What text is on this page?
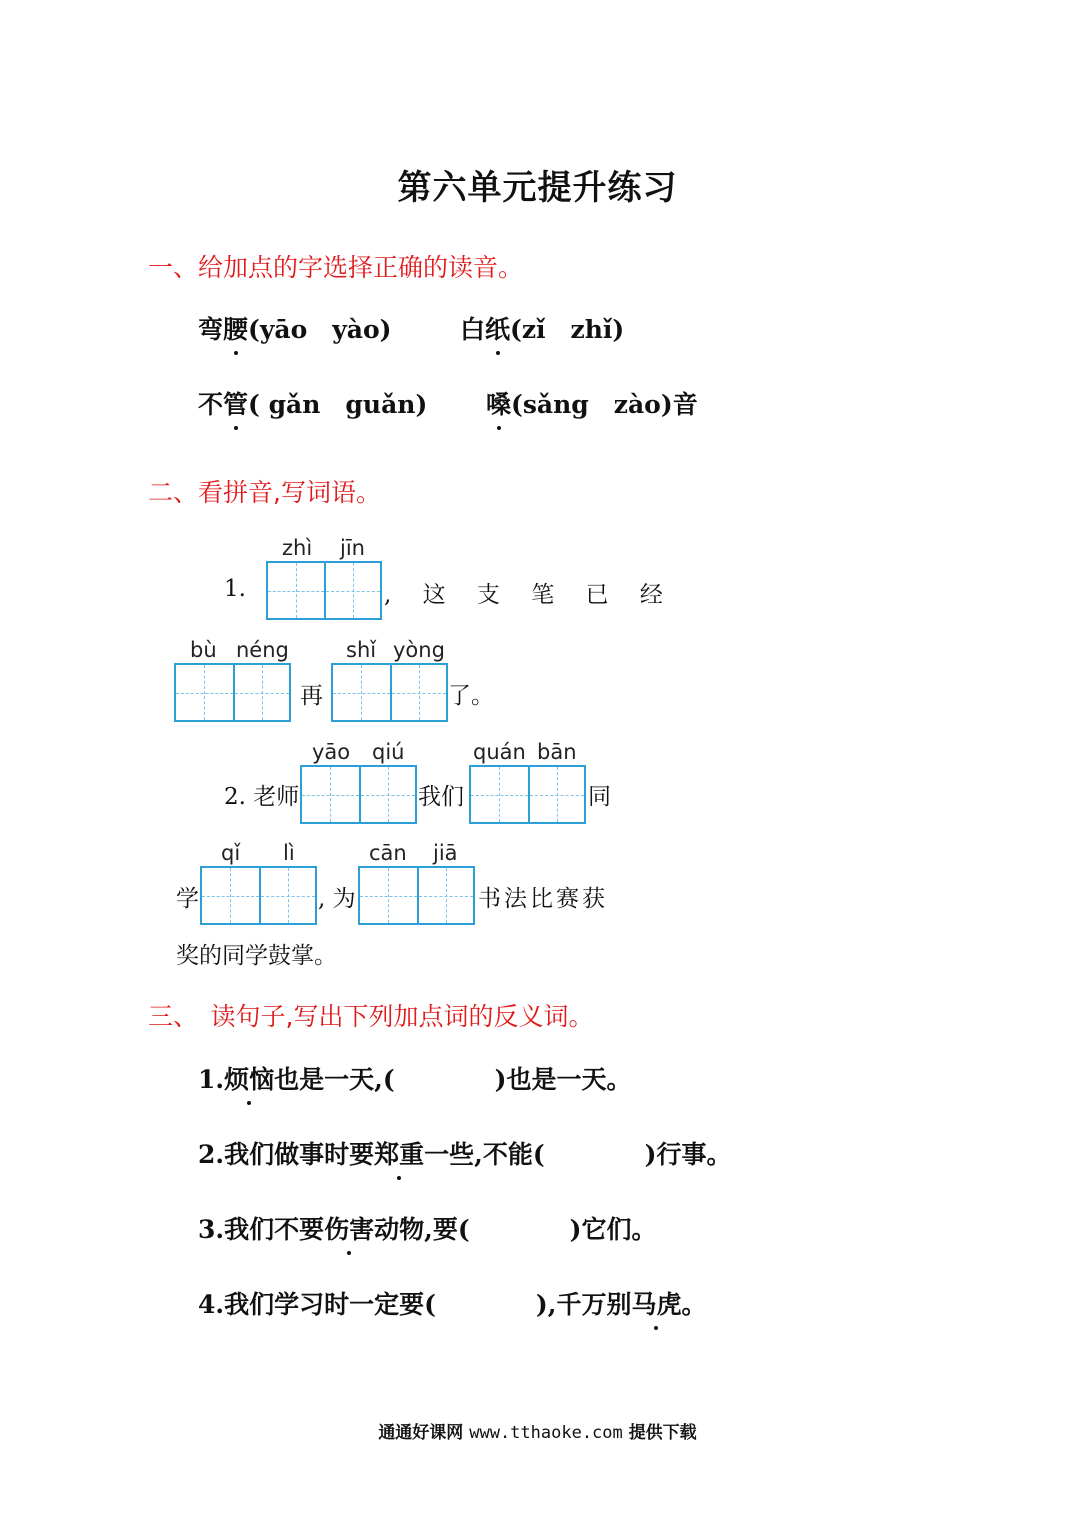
第六单元提升练习
一、给加点的字选择正确的读音。
弯腰(yāo　yào)	白纸(zǐ　zhǐ)
不管( gǎn　guǎn) 嗓(sǎng　zào)音
二、看拼音,写词语。
1.
zhì jīn
, 这 支 笔 已 经
bù néng
再
shǐ yòng
了。
2. 老师
yāo qiú
我们
quán bān
同
学
qǐ lì
, 为
cān jiā
书法比赛获
奖的同学鼓掌。
三、　读句子,写出下列加点词的反义词。
1.烦恼也是一天,(　　　　)也是一天。
2.我们做事时要郑重一些,不能(　　　　)行事。
3.我们不要伤害动物,要(　　　　)它们。
4.我们学习时一定要(　　　　),千万别马虎。
通通好课网 www.tthaoke.com 提供下载
